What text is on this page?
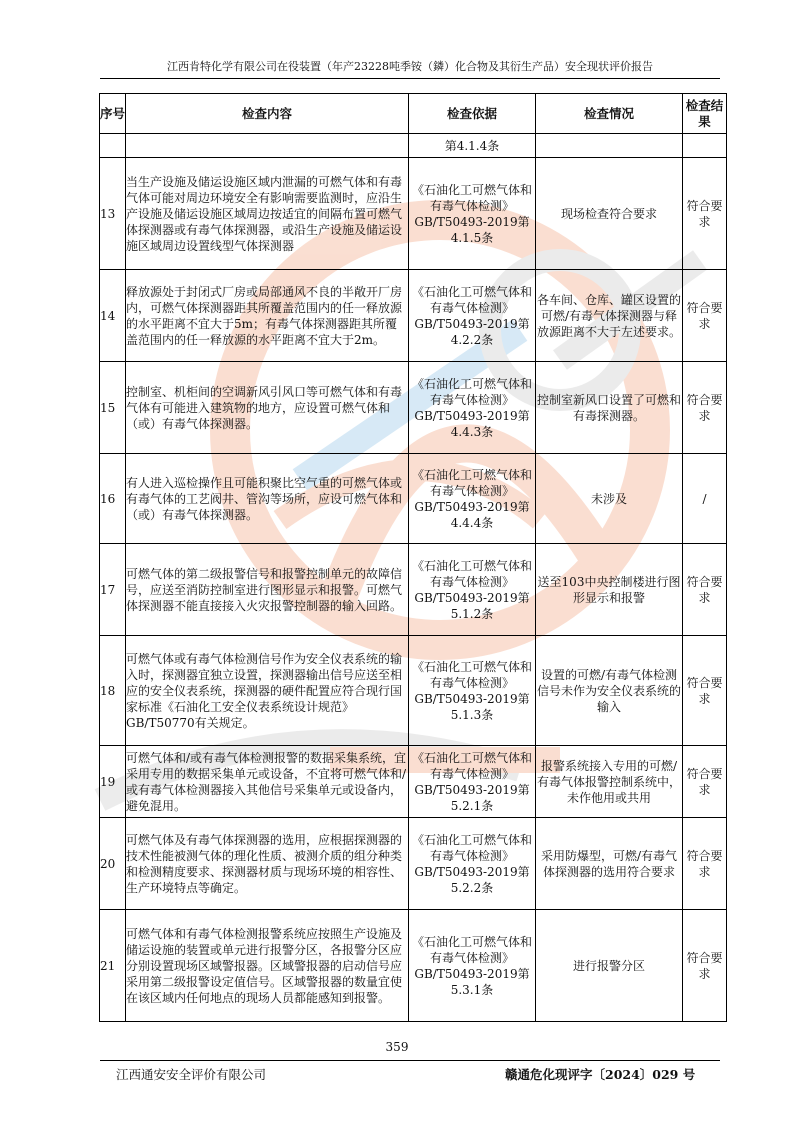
江西肯特化学有限公司在役装置（年产23228吨季铵（鏻）化合物及其衍生产品）安全现状评价报告
序号	检查内容	检查依据	检查情况	检查结果
		第4.1.4条		
13	当生产设施及储运设施区域内泄漏的可燃气体和有毒气体可能对周边环境安全有影响需要监测时，应沿生产设施及储运设施区域周边按适宜的间隔布置可燃气体探测器或有毒气体探测器，或沿生产设施及储运设施区域周边设置线型气体探测器	《石油化工可燃气体和有毒气体检测》GB/T50493-2019第4.1.5条	现场检查符合要求	符合要求
14	释放源处于封闭式厂房或局部通风不良的半敞开厂房内，可燃气体探测器距其所覆盖范围内的任一释放源的水平距离不宜大于5m；有毒气体探测器距其所覆盖范围内的任一释放源的水平距离不宜大于2m。	《石油化工可燃气体和有毒气体检测》GB/T50493-2019第4.2.2条	各车间、仓库、罐区设置的可燃/有毒气体探测器与释放源距离不大于左述要求。	符合要求
15	控制室、机柜间的空调新风引风口等可燃气体和有毒气体有可能进入建筑物的地方，应设置可燃气体和（或）有毒气体探测器。	《石油化工可燃气体和有毒气体检测》GB/T50493-2019第4.4.3条	控制室新风口设置了可燃和有毒探测器。	符合要求
16	有人进入巡检操作且可能积聚比空气重的可燃气体或有毒气体的工艺阀井、管沟等场所，应设可燃气体和（或）有毒气体探测器。	《石油化工可燃气体和有毒气体检测》GB/T50493-2019第4.4.4条	未涉及	/
17	可燃气体的第二级报警信号和报警控制单元的故障信号，应送至消防控制室进行图形显示和报警。可燃气体探测器不能直接接入火灾报警控制器的输入回路。	《石油化工可燃气体和有毒气体检测》GB/T50493-2019第5.1.2条	送至103中央控制楼进行图形显示和报警	符合要求
18	可燃气体或有毒气体检测信号作为安全仪表系统的输入时，探测器宜独立设置，探测器输出信号应送至相应的安全仪表系统，探测器的硬件配置应符合现行国家标准《石油化工安全仪表系统设计规范》GB/T50770有关规定。	《石油化工可燃气体和有毒气体检测》GB/T50493-2019第5.1.3条	设置的可燃/有毒气体检测信号未作为安全仪表系统的输入	符合要求
19	可燃气体和/或有毒气体检测报警的数据采集系统，宜采用专用的数据采集单元或设备，不宜将可燃气体和/或有毒气体检测器接入其他信号采集单元或设备内，避免混用。	《石油化工可燃气体和有毒气体检测》GB/T50493-2019第5.2.1条	报警系统接入专用的可燃/有毒气体报警控制系统中，未作他用或共用	符合要求
20	可燃气体及有毒气体探测器的选用，应根据探测器的技术性能被测气体的理化性质、被测介质的组分种类和检测精度要求、探测器材质与现场环境的相容性、生产环境特点等确定。	《石油化工可燃气体和有毒气体检测》GB/T50493-2019第5.2.2条	采用防爆型，可燃/有毒气体探测器的选用符合要求	符合要求
21	可燃气体和有毒气体检测报警系统应按照生产设施及储运设施的装置或单元进行报警分区，各报警分区应分别设置现场区域警报器。区域警报器的启动信号应采用第二级报警设定值信号。区域警报器的数量宜使在该区域内任何地点的现场人员都能感知到报警。	《石油化工可燃气体和有毒气体检测》GB/T50493-2019第5.3.1条	进行报警分区	符合要求
359
江西通安安全评价有限公司	赣通危化现评字〔2024〕029 号
